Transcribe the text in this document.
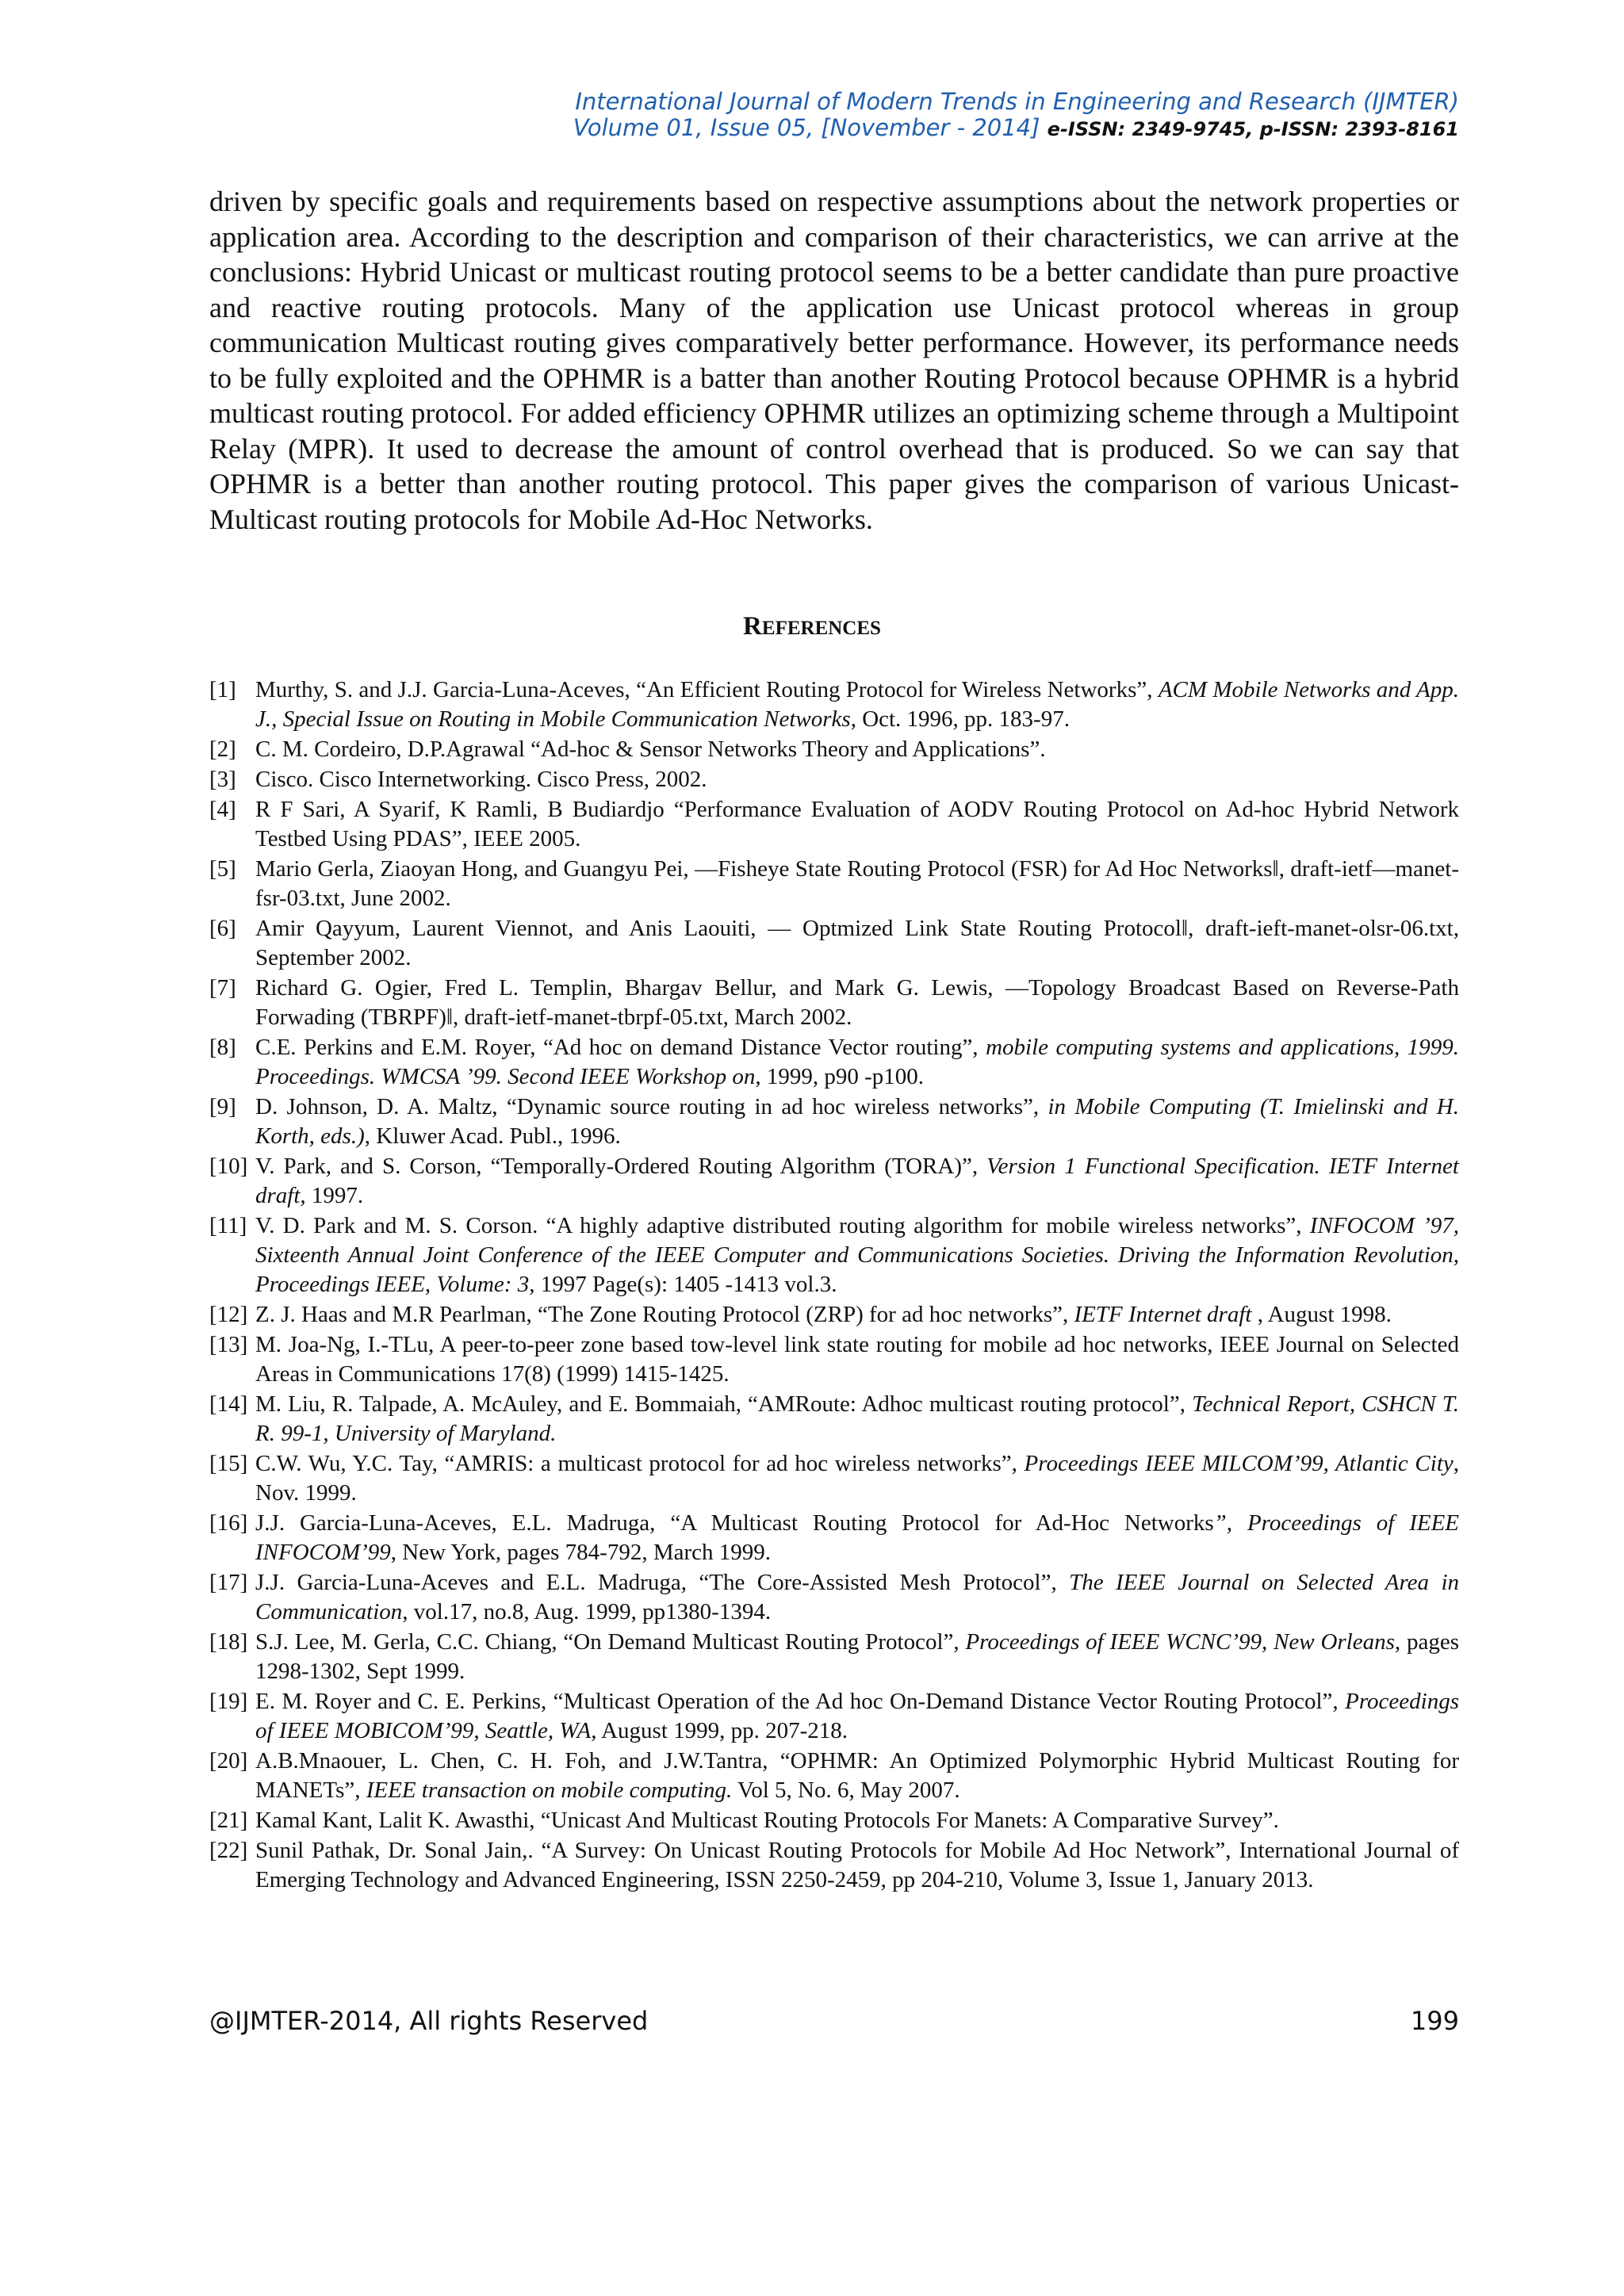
International Journal of Modern Trends in Engineering and Research (IJMTER)
Volume 01, Issue 05, [November - 2014] e-ISSN: 2349-9745, p-ISSN: 2393-8161

driven by specific goals and requirements based on respective assumptions about the network properties or application area. According to the description and comparison of their characteristics, we can arrive at the conclusions: Hybrid Unicast or multicast routing protocol seems to be a better candidate than pure proactive and reactive routing protocols. Many of the application use Unicast protocol whereas in group communication Multicast routing gives comparatively better performance. However, its performance needs to be fully exploited and the OPHMR is a batter than another Routing Protocol because OPHMR is a hybrid multicast routing protocol. For added efficiency OPHMR utilizes an optimizing scheme through a Multipoint Relay (MPR). It used to decrease the amount of control overhead that is produced. So we can say that OPHMR is a better than another routing protocol. This paper gives the comparison of various Unicast-Multicast routing protocols for Mobile Ad-Hoc Networks.

REFERENCES
[1] Murthy, S. and J.J. Garcia-Luna-Aceves, “An Efficient Routing Protocol for Wireless Networks”, ACM Mobile Networks and App. J., Special Issue on Routing in Mobile Communication Networks, Oct. 1996, pp. 183-97.
[2] C. M. Cordeiro, D.P.Agrawal “Ad-hoc & Sensor Networks Theory and Applications”.
[3] Cisco. Cisco Internetworking. Cisco Press, 2002.
[4] R F Sari, A Syarif, K Ramli, B Budiardjo “Performance Evaluation of AODV Routing Protocol on Ad-hoc Hybrid Network Testbed Using PDAS”, IEEE 2005.
[5] Mario Gerla, Ziaoyan Hong, and Guangyu Pei, ―Fisheye State Routing Protocol (FSR) for Ad Hoc Networks‖, draft-ietf—manet-fsr-03.txt, June 2002.
[6] Amir Qayyum, Laurent Viennot, and Anis Laouiti, ― Optmized Link State Routing Protocol‖, draft-ieft-manet-olsr-06.txt, September 2002.
[7] Richard G. Ogier, Fred L. Templin, Bhargav Bellur, and Mark G. Lewis, ―Topology Broadcast Based on Reverse-Path Forwading (TBRPF)‖, draft-ietf-manet-tbrpf-05.txt, March 2002.
[8] C.E. Perkins and E.M. Royer, “Ad hoc on demand Distance Vector routing”, mobile computing systems and applications, 1999. Proceedings. WMCSA ’99. Second IEEE Workshop on, 1999, p90 -p100.
[9] D. Johnson, D. A. Maltz, “Dynamic source routing in ad hoc wireless networks”, in Mobile Computing (T. Imielinski and H. Korth, eds.), Kluwer Acad. Publ., 1996.
[10] V. Park, and S. Corson, “Temporally-Ordered Routing Algorithm (TORA)”, Version 1 Functional Specification. IETF Internet draft, 1997.
[11] V. D. Park and M. S. Corson. “A highly adaptive distributed routing algorithm for mobile wireless networks”, INFOCOM ’97, Sixteenth Annual Joint Conference of the IEEE Computer and Communications Societies. Driving the Information Revolution, Proceedings IEEE, Volume: 3, 1997 Page(s): 1405 -1413 vol.3.
[12] Z. J. Haas and M.R Pearlman, “The Zone Routing Protocol (ZRP) for ad hoc networks”, IETF Internet draft , August 1998.
[13] M. Joa-Ng, I.-TLu, A peer-to-peer zone based tow-level link state routing for mobile ad hoc networks, IEEE Journal on Selected Areas in Communications 17(8) (1999) 1415-1425.
[14] M. Liu, R. Talpade, A. McAuley, and E. Bommaiah, “AMRoute: Adhoc multicast routing protocol”, Technical Report, CSHCN T. R. 99-1, University of Maryland.
[15] C.W. Wu, Y.C. Tay, “AMRIS: a multicast protocol for ad hoc wireless networks”, Proceedings IEEE MILCOM’99, Atlantic City, Nov. 1999.
[16] J.J. Garcia-Luna-Aceves, E.L. Madruga, “A Multicast Routing Protocol for Ad-Hoc Networks”, Proceedings of IEEE INFOCOM’99, New York, pages 784-792, March 1999.
[17] J.J. Garcia-Luna-Aceves and E.L. Madruga, “The Core-Assisted Mesh Protocol”, The IEEE Journal on Selected Area in Communication, vol.17, no.8, Aug. 1999, pp1380-1394.
[18] S.J. Lee, M. Gerla, C.C. Chiang, “On Demand Multicast Routing Protocol”, Proceedings of IEEE WCNC’99, New Orleans, pages 1298-1302, Sept 1999.
[19] E. M. Royer and C. E. Perkins, “Multicast Operation of the Ad hoc On-Demand Distance Vector Routing Protocol”, Proceedings of IEEE MOBICOM’99, Seattle, WA, August 1999, pp. 207-218.
[20] A.B.Mnaouer, L. Chen, C. H. Foh, and J.W.Tantra, “OPHMR: An Optimized Polymorphic Hybrid Multicast Routing for MANETs”, IEEE transaction on mobile computing. Vol 5, No. 6, May 2007.
[21] Kamal Kant, Lalit K. Awasthi, “Unicast And Multicast Routing Protocols For Manets: A Comparative Survey”.
[22] Sunil Pathak, Dr. Sonal Jain,. “A Survey: On Unicast Routing Protocols for Mobile Ad Hoc Network”, International Journal of Emerging Technology and Advanced Engineering, ISSN 2250-2459, pp 204-210, Volume 3, Issue 1, January 2013.
@IJMTER-2014, All rights Reserved	199
